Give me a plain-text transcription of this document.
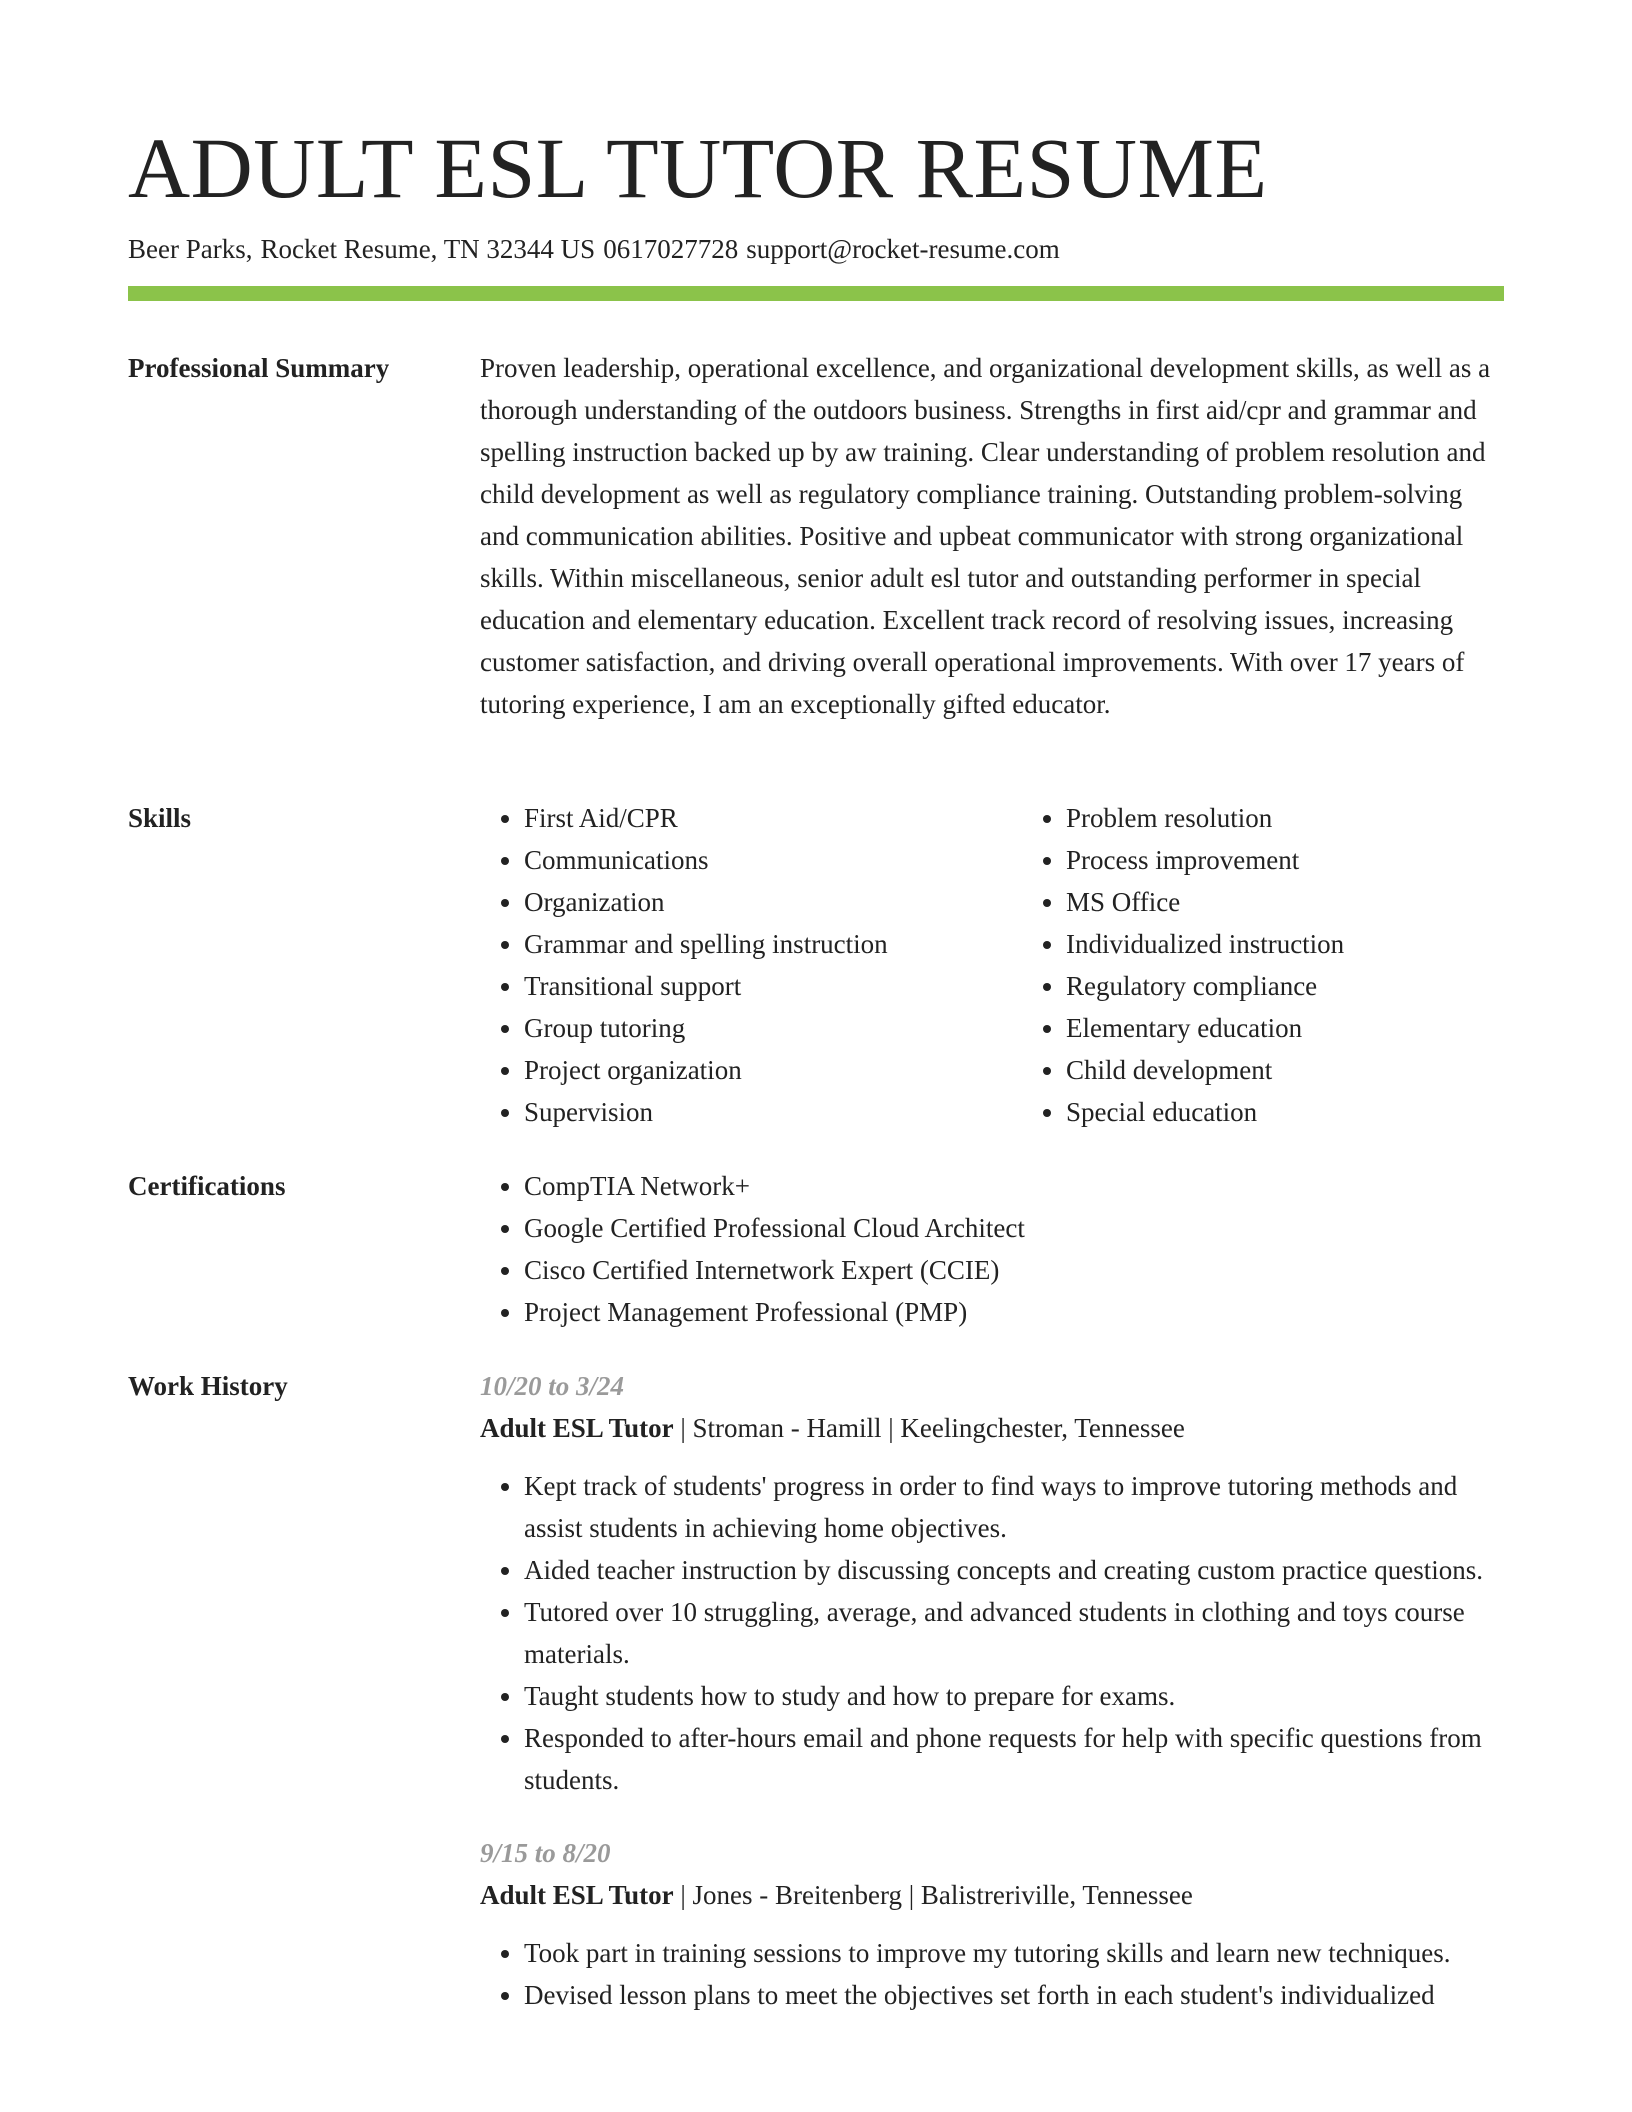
ADULT ESL TUTOR RESUME
Beer Parks, Rocket Resume, TN 32344 US 0617027728 support@rocket-resume.com
Professional Summary	Proven leadership, operational excellence, and organizational development skills, as well as a thorough understanding of the outdoors business. Strengths in first aid/cpr and grammar and spelling instruction backed up by aw training. Clear understanding of problem resolution and child development as well as regulatory compliance training. Outstanding problem-solving and communication abilities. Positive and upbeat communicator with strong organizational skills. Within miscellaneous, senior adult esl tutor and outstanding performer in special education and elementary education. Excellent track record of resolving issues, increasing customer satisfaction, and driving overall operational improvements. With over 17 years of tutoring experience, I am an exceptionally gifted educator.

Skills	• First Aid/CPR
• Communications
• Organization
• Grammar and spelling instruction
• Transitional support
• Group tutoring
• Project organization
• Supervision
• Problem resolution
• Process improvement
• MS Office
• Individualized instruction
• Regulatory compliance
• Elementary education
• Child development
• Special education
Certifications	• CompTIA Network+
• Google Certified Professional Cloud Architect
• Cisco Certified Internetwork Expert (CCIE)
• Project Management Professional (PMP)
Work History	10/20 to 3/24
Adult ESL Tutor | Stroman - Hamill | Keelingchester, Tennessee
• Kept track of students' progress in order to find ways to improve tutoring methods and assist students in achieving home objectives.
• Aided teacher instruction by discussing concepts and creating custom practice questions.
• Tutored over 10 struggling, average, and advanced students in clothing and toys course materials.
• Taught students how to study and how to prepare for exams.
• Responded to after-hours email and phone requests for help with specific questions from students.
9/15 to 8/20
Adult ESL Tutor | Jones - Breitenberg | Balistreriville, Tennessee
• Took part in training sessions to improve my tutoring skills and learn new techniques.
• Devised lesson plans to meet the objectives set forth in each student's individualized
